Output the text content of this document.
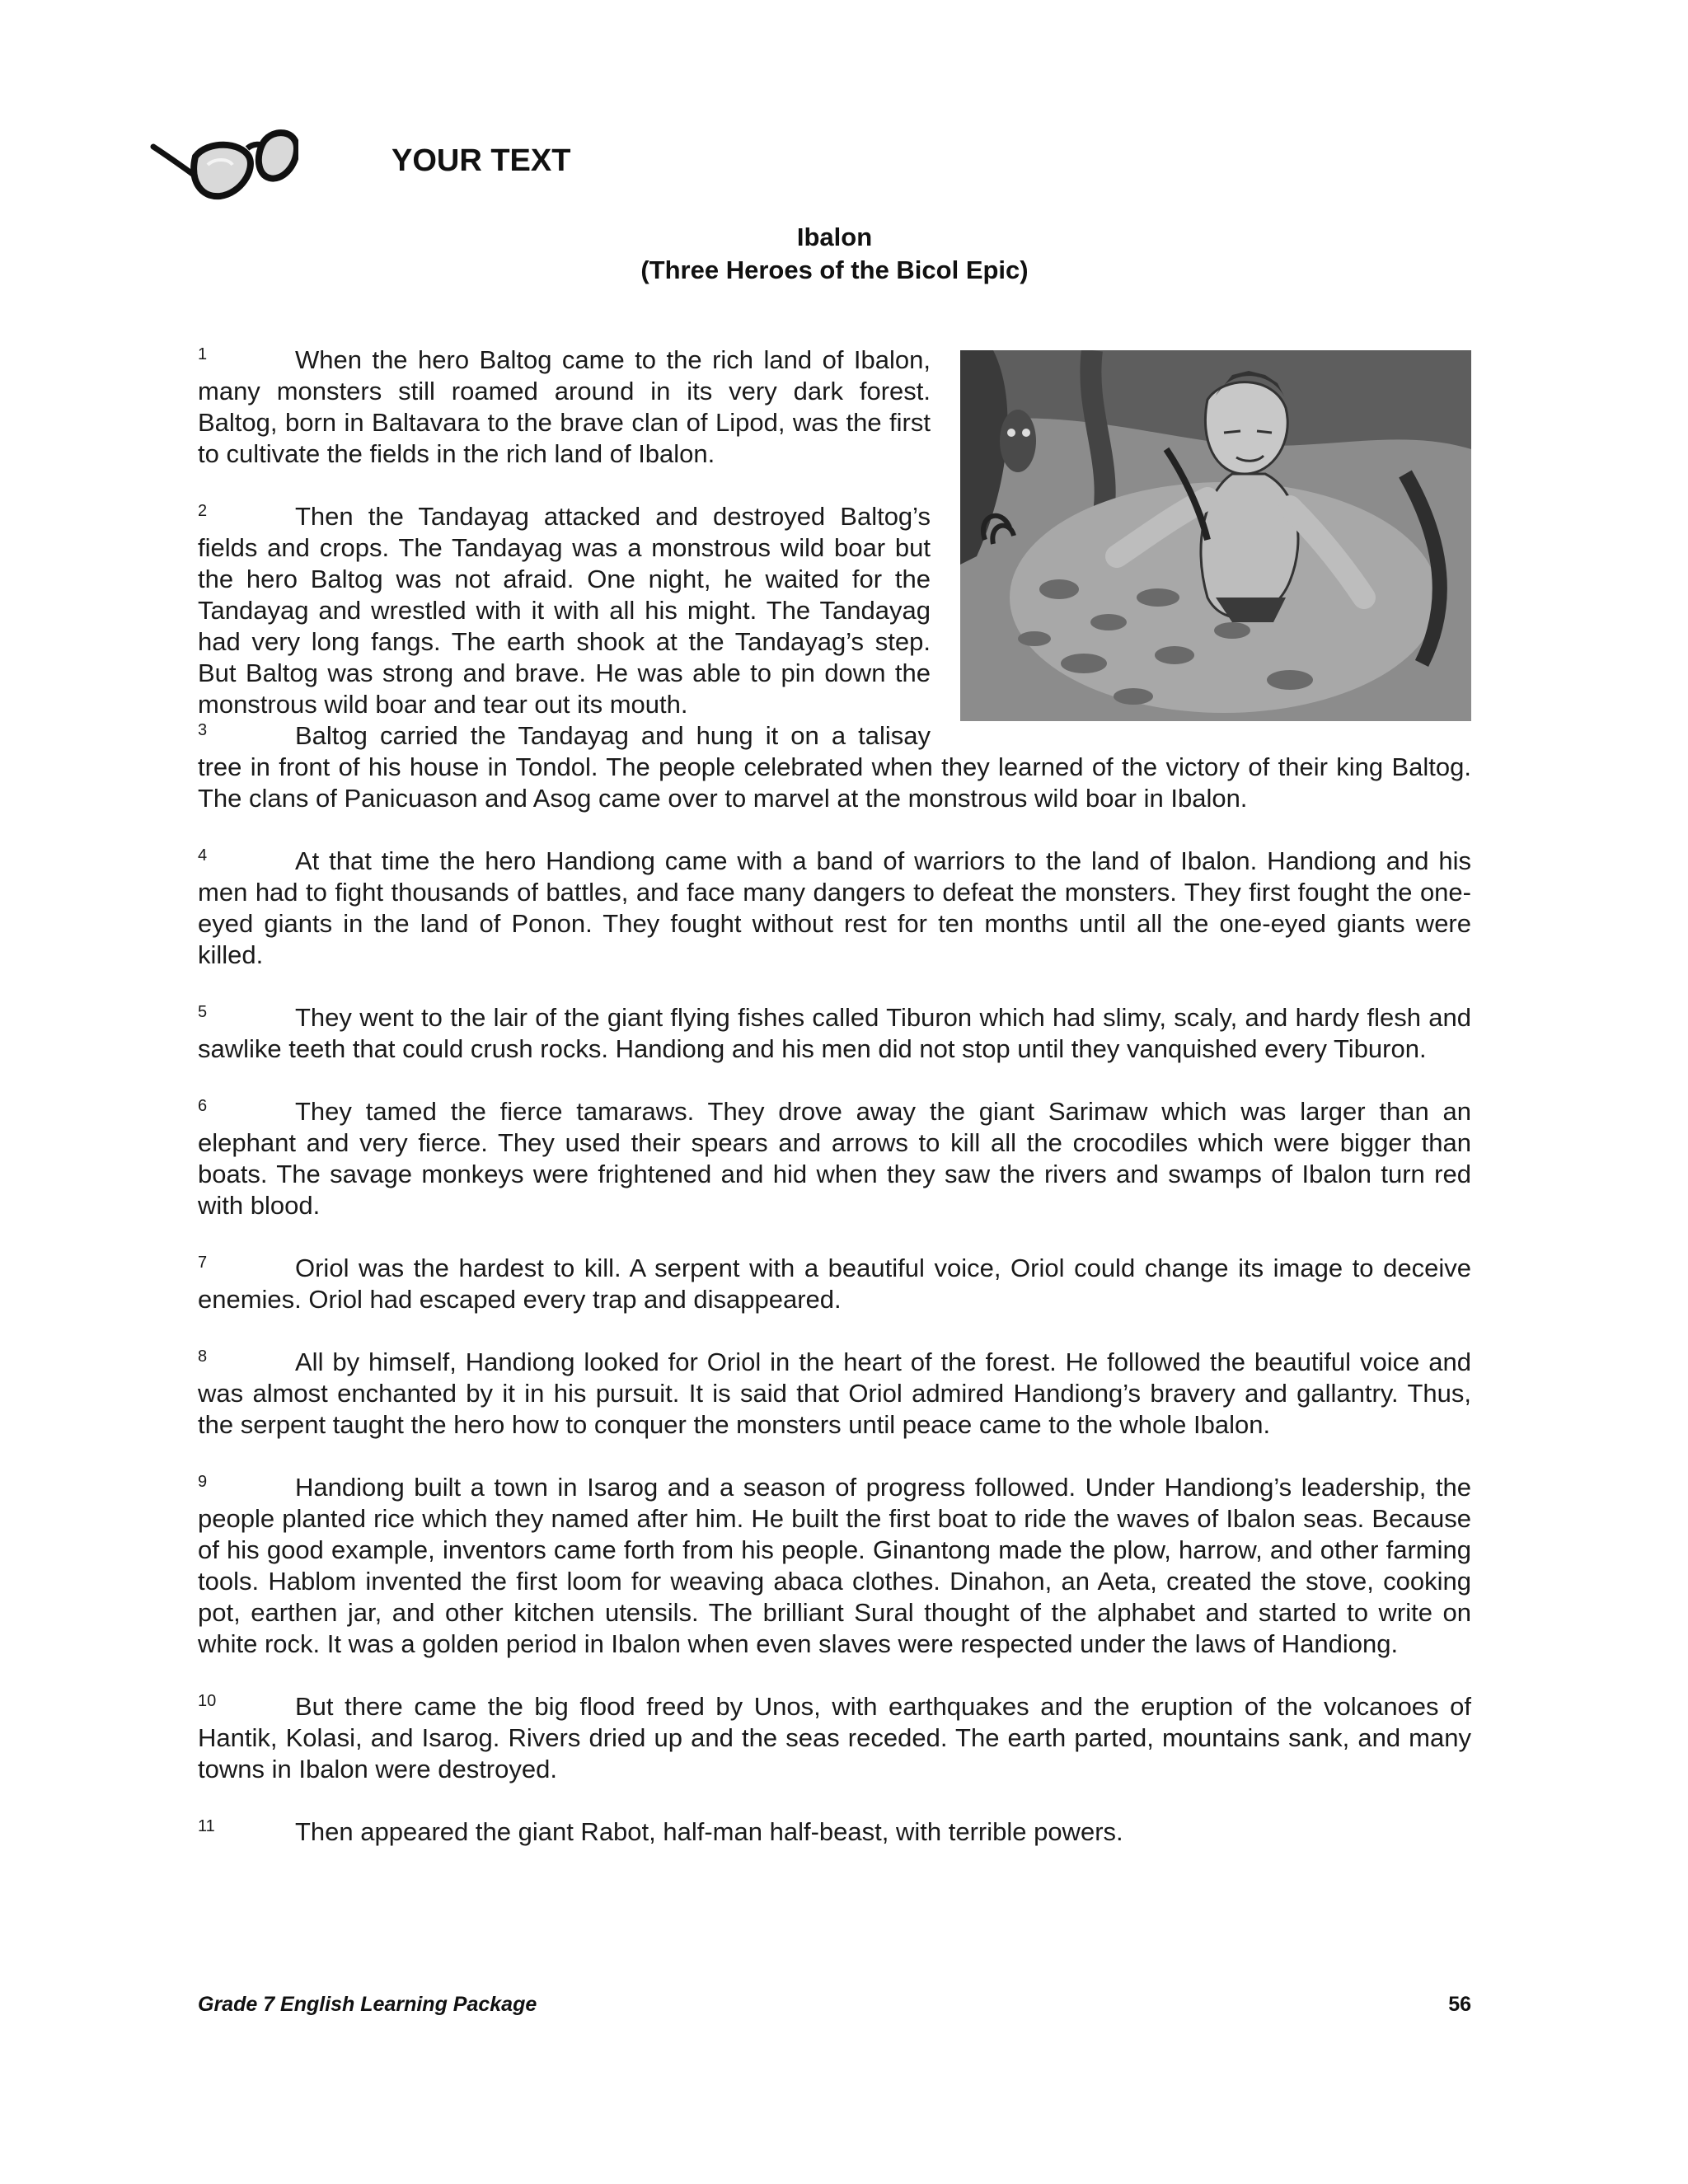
YOUR TEXT
Ibalon
(Three Heroes of the Bicol Epic)

1	When the hero Baltog came to the rich land of Ibalon, many monsters still roamed around in its very dark forest. Baltog, born in Baltavara to the brave clan of Lipod, was the first to cultivate the fields in the rich land of Ibalon.

2	Then the Tandayag attacked and destroyed Baltog’s fields and crops. The Tandayag was a monstrous wild boar but the hero Baltog was not afraid. One night, he waited for the Tandayag and wrestled with it with all his might. The Tandayag had very long fangs. The earth shook at the Tandayag’s step. But Baltog was strong and brave. He was able to pin down the monstrous wild boar and tear out its mouth.

3	Baltog carried the Tandayag and hung it on a talisay tree in front of his house in Tondol. The people celebrated when they learned of the victory of their king Baltog. The clans of Panicuason and Asog came over to marvel at the monstrous wild boar in Ibalon.

4	At that time the hero Handiong came with a band of warriors to the land of Ibalon. Handiong and his men had to fight thousands of battles, and face many dangers to defeat the monsters. They first fought the one-eyed giants in the land of Ponon. They fought without rest for ten months until all the one-eyed giants were killed.

5	They went to the lair of the giant flying fishes called Tiburon which had slimy, scaly, and hardy flesh and sawlike teeth that could crush rocks. Handiong and his men did not stop until they vanquished every Tiburon.

6	They tamed the fierce tamaraws. They drove away the giant Sarimaw which was larger than an elephant and very fierce. They used their spears and arrows to kill all the crocodiles which were bigger than boats. The savage monkeys were frightened and hid when they saw the rivers and swamps of Ibalon turn red with blood.

7	Oriol was the hardest to kill. A serpent with a beautiful voice, Oriol could change its image to deceive enemies. Oriol had escaped every trap and disappeared.

8	All by himself, Handiong looked for Oriol in the heart of the forest. He followed the beautiful voice and was almost enchanted by it in his pursuit. It is said that Oriol admired Handiong’s bravery and gallantry. Thus, the serpent taught the hero how to conquer the monsters until peace came to the whole Ibalon.

9	Handiong built a town in Isarog and a season of progress followed. Under Handiong’s leadership, the people planted rice which they named after him. He built the first boat to ride the waves of Ibalon seas. Because of his good example, inventors came forth from his people. Ginantong made the plow, harrow, and other farming tools. Hablom invented the first loom for weaving abaca clothes. Dinahon, an Aeta, created the stove, cooking pot, earthen jar, and other kitchen utensils. The brilliant Sural thought of the alphabet and started to write on white rock. It was a golden period in Ibalon when even slaves were respected under the laws of Handiong.

10	But there came the big flood freed by Unos, with earthquakes and the eruption of the volcanoes of Hantik, Kolasi, and Isarog. Rivers dried up and the seas receded. The earth parted, mountains sank, and many towns in Ibalon were destroyed.

11	Then appeared the giant Rabot, half-man half-beast, with terrible powers.

Grade 7 English Learning Package	56
